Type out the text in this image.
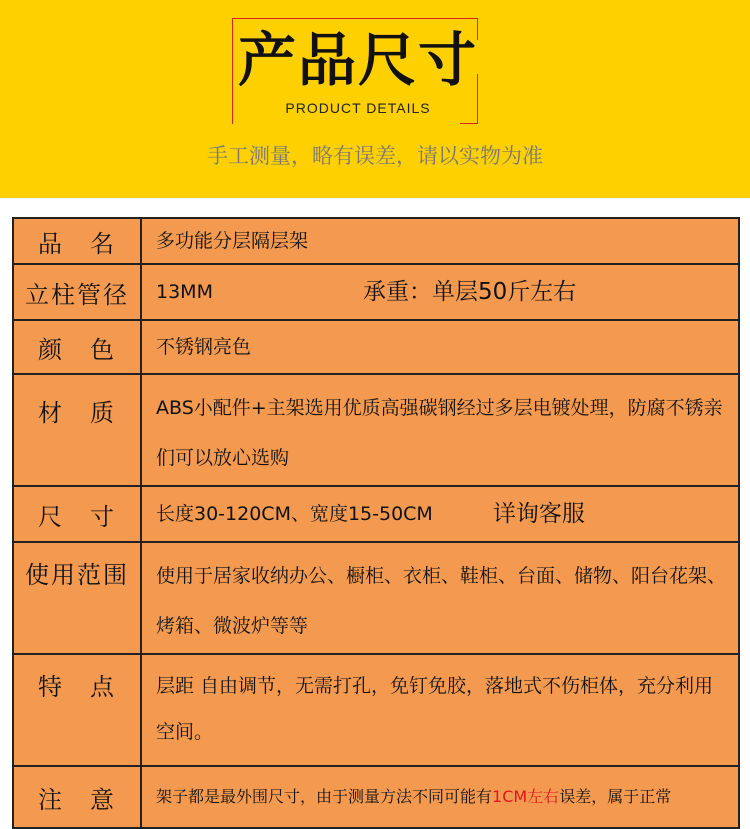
产品尺寸
PRODUCT DETAILS
手工测量，略有误差，请以实物为准
品　名	多功能分层隔层架
立柱管径	13MM	承重：单层50斤左右
颜　色	不锈钢亮色
材　质	ABS小配件+主架选用优质高强碳钢经过多层电镀处理，防腐不锈亲们可以放心选购
尺　寸	长度30-120CM、宽度15-50CM	详询客服
使用范围	使用于居家收纳办公、橱柜、衣柜、鞋柜、台面、储物、阳台花架、烤箱、微波炉等等
特　点	层距 自由调节，无需打孔，免钉免胶，落地式不伤柜体，充分利用空间。
注　意	架子都是最外围尺寸，由于测量方法不同可能有 1CM左右 误差，属于正常
